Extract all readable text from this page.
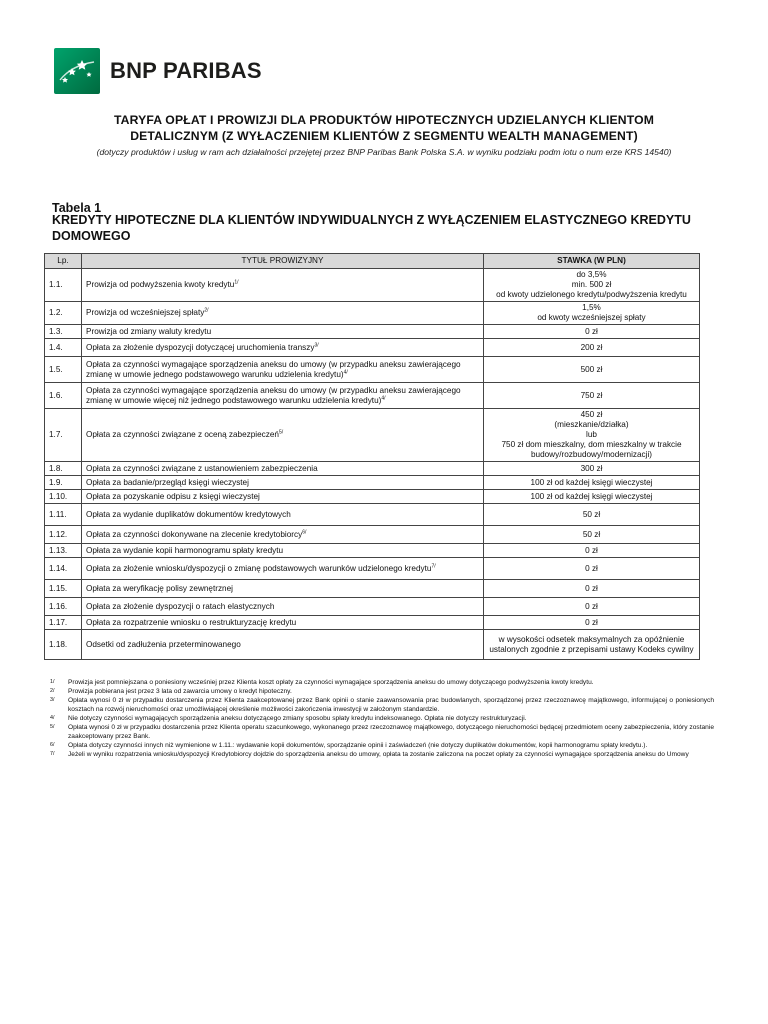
BNP PARIBAS
TARYFA OPŁAT I PROWIZJI DLA PRODUKTÓW HIPOTECZNYCH UDZIELANYCH KLIENTOM
DETALICZNYM (Z WYŁACZENIEM KLIENTÓW Z SEGMENTU WEALTH MANAGEMENT)
(dotyczy produktów i usług w ram ach działalności przejętej przez BNP Paribas Bank Polska S.A. w wyniku podziału podm iotu o num erze KRS 14540)
Tabela 1
KREDYTY HIPOTECZNE DLA KLIENTÓW INDYWIDUALNYCH Z WYŁĄCZENIEM ELASTYCZNEGO KREDYTU DOMOWEGO
Lp.	TYTUŁ PROWIZYJNY	STAWKA (W PLN)
1.1.	Prowizja od podwyższenia kwoty kredytu$^{1/}$	do 3,5%
min. 500 zł
od kwoty udzielonego kredytu/podwyższenia kredytu

1.2.	Prowizja od wcześniejszej spłaty$^{2/}$	1,5%
od kwoty wcześniejszej spłaty

1.3.	Prowizja od zmiany waluty kredytu	0 zł

1.4.	Opłata za złożenie dyspozycji dotyczącej uruchomienia transzy$^{3/}$	200 zł

1.5.	Opłata za czynności wymagające sporządzenia aneksu do umowy (w przypadku aneksu zawierającego zmianę w umowie jednego podstawowego warunku udzielenia kredytu)$^{4/}$	500 zł

1.6.	Opłata za czynności wymagające sporządzenia aneksu do umowy (w przypadku aneksu zawierającego zmianę w umowie więcej niż jednego podstawowego warunku udzielenia kredytu)$^{4/}$	750 zł

1.7.	Opłata za czynności związane z oceną zabezpieczeń$^{5/}$	450 zł
(mieszkanie/działka)
lub
750 zł dom mieszkalny, dom mieszkalny w trakcie budowy/rozbudowy/modernizacji)

1.8.	Opłata za czynności związane z ustanowieniem zabezpieczenia	300 zł

1.9.	Opłata za badanie/przegląd księgi wieczystej	100 zł od każdej księgi wieczystej

1.10.	Opłata za pozyskanie odpisu z księgi wieczystej	100 zł od każdej księgi wieczystej

1.11.	Opłata za wydanie duplikatów dokumentów kredytowych	50 zł

1.12.	Opłata za czynności dokonywane na zlecenie kredytobiorcy$^{6/}$	50 zł

1.13.	Opłata za wydanie kopii harmonogramu spłaty kredytu	0 zł

1.14.	Opłata za złożenie wniosku/dyspozycji o zmianę podstawowych warunków udzielonego kredytu$^{7/}$	0 zł

1.15.	Opłata za weryfikację polisy zewnętrznej	0 zł

1.16.	Opłata za złożenie dyspozycji o ratach elastycznych	0 zł

1.17.	Opłata za rozpatrzenie wniosku o restrukturyzację kredytu	0 zł

1.18.	Odsetki od zadłużenia przeterminowanego	w wysokości odsetek maksymalnych za opóźnienie ustalonych zgodnie z przepisami ustawy Kodeks cywilny
1/	Prowizja jest pomniejszana o poniesiony wcześniej przez Klienta koszt opłaty za czynności wymagające sporządzenia aneksu do umowy dotyczącego podwyższenia kwoty kredytu.
2/	Prowizja pobierana jest przez 3 lata od zawarcia umowy o kredyt hipoteczny.
3/	Opłata wynosi 0 zł w przypadku dostarczenia przez Klienta zaakceptowanej przez Bank opinii o stanie zaawansowania prac budowlanych, sporządzonej przez rzeczoznawcę majątkowego, informującej o poniesionych kosztach na rozwój nieruchomości oraz umożliwiającej określenie możliwości zakończenia inwestycji w założonym standardzie.
4/	Nie dotyczy czynności wymagających sporządzenia aneksu dotyczącego zmiany sposobu spłaty kredytu indeksowanego. Opłata nie dotyczy restrukturyzacji.
5/	Opłata wynosi 0 zł w przypadku dostarczenia przez Klienta operatu szacunkowego, wykonanego przez rzeczoznawcę majątkowego, dotyczącego nieruchomości będącej przedmiotem oceny zabezpieczenia, który zostanie zaakceptowany przez Bank.
6/	Opłata dotyczy czynności innych niż wymienione w 1.11.: wydawanie kopii dokumentów, sporządzanie opinii i zaświadczeń (nie dotyczy duplikatów dokumentów, kopii harmonogramu spłaty kredytu.).
7/	Jeżeli w wyniku rozpatrzenia wniosku/dyspozycji Kredytobiorcy dojdzie do sporządzenia aneksu do umowy, opłata ta zostanie zaliczona na poczet opłaty za czynności wymagające sporządzenia aneksu do Umowy
